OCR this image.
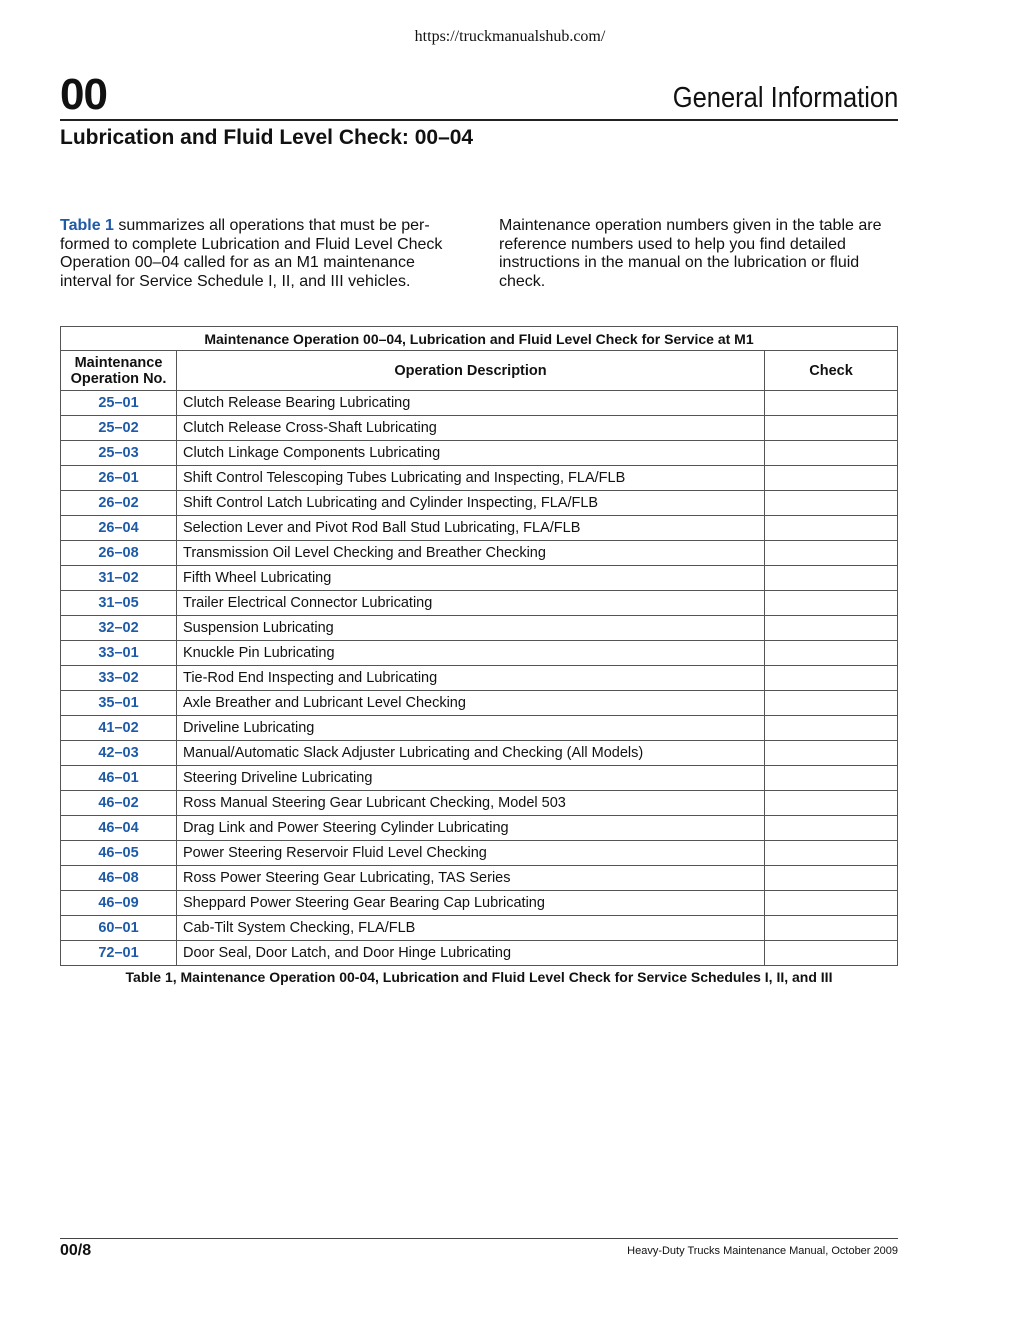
https://truckmanualshub.com/
00	General Information
Lubrication and Fluid Level Check: 00–04
Table 1 summarizes all operations that must be performed to complete Lubrication and Fluid Level Check Operation 00–04 called for as an M1 maintenance interval for Service Schedule I, II, and III vehicles.
Maintenance operation numbers given in the table are reference numbers used to help you find detailed instructions in the manual on the lubrication or fluid check.
Maintenance Operation 00–04, Lubrication and Fluid Level Check for Service at M1		
Maintenance Operation No.	Operation Description	Check
25–01	Clutch Release Bearing Lubricating	
25–02	Clutch Release Cross-Shaft Lubricating	
25–03	Clutch Linkage Components Lubricating	
26–01	Shift Control Telescoping Tubes Lubricating and Inspecting, FLA/FLB	
26–02	Shift Control Latch Lubricating and Cylinder Inspecting, FLA/FLB	
26–04	Selection Lever and Pivot Rod Ball Stud Lubricating, FLA/FLB	
26–08	Transmission Oil Level Checking and Breather Checking	
31–02	Fifth Wheel Lubricating	
31–05	Trailer Electrical Connector Lubricating	
32–02	Suspension Lubricating	
33–01	Knuckle Pin Lubricating	
33–02	Tie-Rod End Inspecting and Lubricating	
35–01	Axle Breather and Lubricant Level Checking	
41–02	Driveline Lubricating	
42–03	Manual/Automatic Slack Adjuster Lubricating and Checking (All Models)	
46–01	Steering Driveline Lubricating	
46–02	Ross Manual Steering Gear Lubricant Checking, Model 503	
46–04	Drag Link and Power Steering Cylinder Lubricating	
46–05	Power Steering Reservoir Fluid Level Checking	
46–08	Ross Power Steering Gear Lubricating, TAS Series	
46–09	Sheppard Power Steering Gear Bearing Cap Lubricating	
60–01	Cab-Tilt System Checking, FLA/FLB	
72–01	Door Seal, Door Latch, and Door Hinge Lubricating	
Table 1, Maintenance Operation 00-04, Lubrication and Fluid Level Check for Service Schedules I, II, and III
00/8	Heavy-Duty Trucks Maintenance Manual, October 2009
